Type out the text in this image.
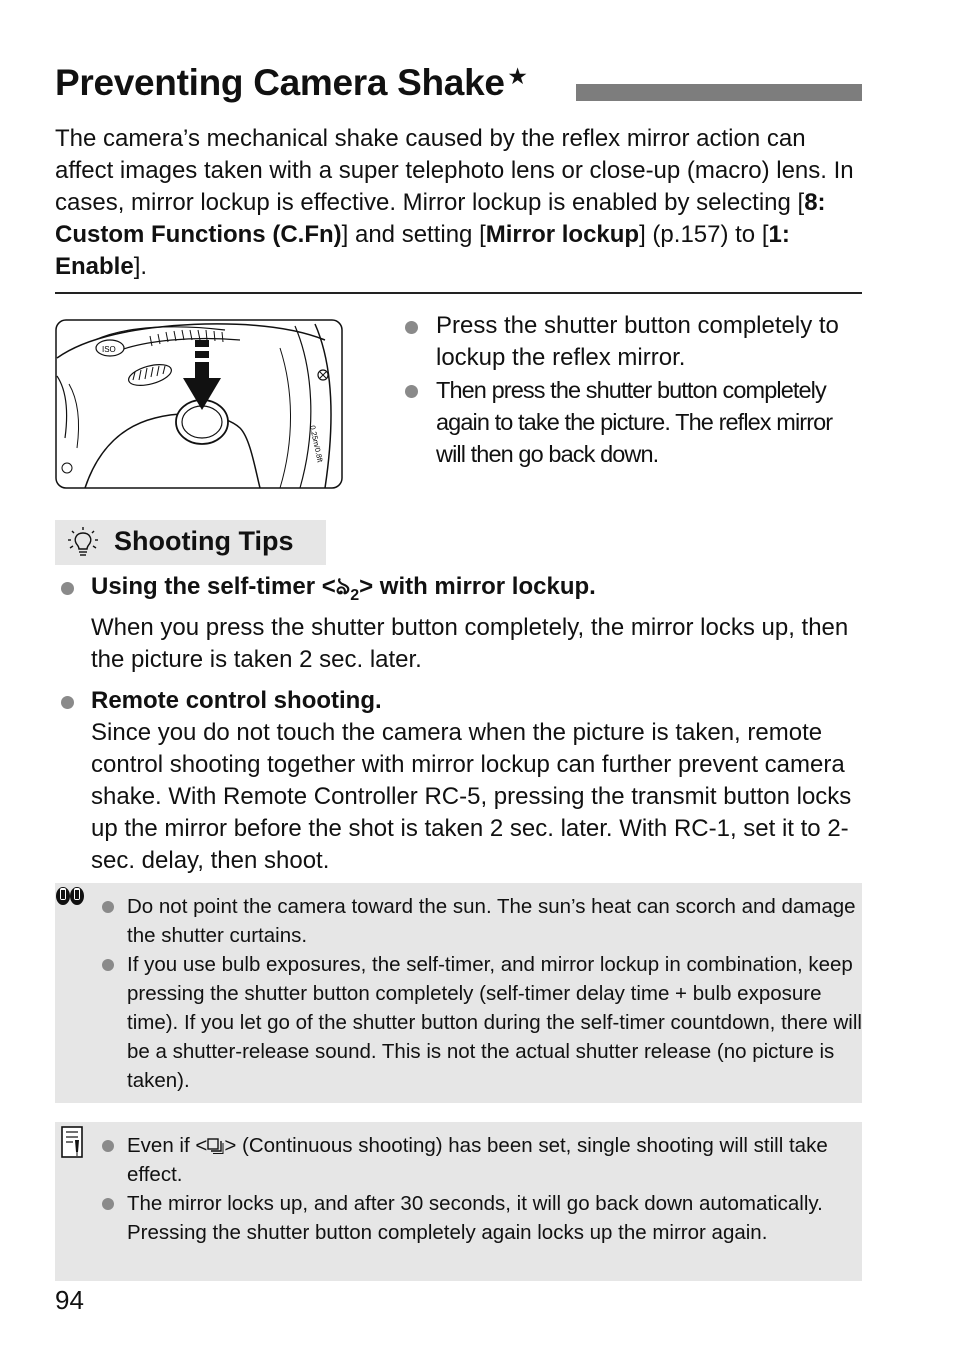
Preventing Camera Shake ★
The camera’s mechanical shake caused by the reflex mirror action can affect images taken with a super telephoto lens or close-up (macro) lens. In cases, mirror lockup is effective. Mirror lockup is enabled by selecting [8: Custom Functions (C.Fn)] and setting [Mirror lockup] (p.157) to [1: Enable].
ISO
0.25m/0.8ft
Press the shutter button completely to lockup the reflex mirror.
Then press the shutter button completely again to take the picture. The reflex mirror will then go back down.
Shooting Tips
Using the self-timer <ঌ$_2$> with mirror lockup.
When you press the shutter button completely, the mirror locks up, then the picture is taken 2 sec. later.
Remote control shooting.
Since you do not touch the camera when the picture is taken, remote control shooting together with mirror lockup can further prevent camera shake. With Remote Controller RC-5, pressing the transmit button locks up the mirror before the shot is taken 2 sec. later. With RC-1, set it to 2-sec. delay, then shoot.
Do not point the camera toward the sun. The sun’s heat can scorch and damage the shutter curtains.
If you use bulb exposures, the self-timer, and mirror lockup in combination, keep pressing the shutter button completely (self-timer delay time + bulb exposure time). If you let go of the shutter button during the self-timer countdown, there will be a shutter-release sound. This is not the actual shutter release (no picture is taken).
Even if < > (Continuous shooting) has been set, single shooting will still take effect.
The mirror locks up, and after 30 seconds, it will go back down automatically. Pressing the shutter button completely again locks up the mirror again.
94
